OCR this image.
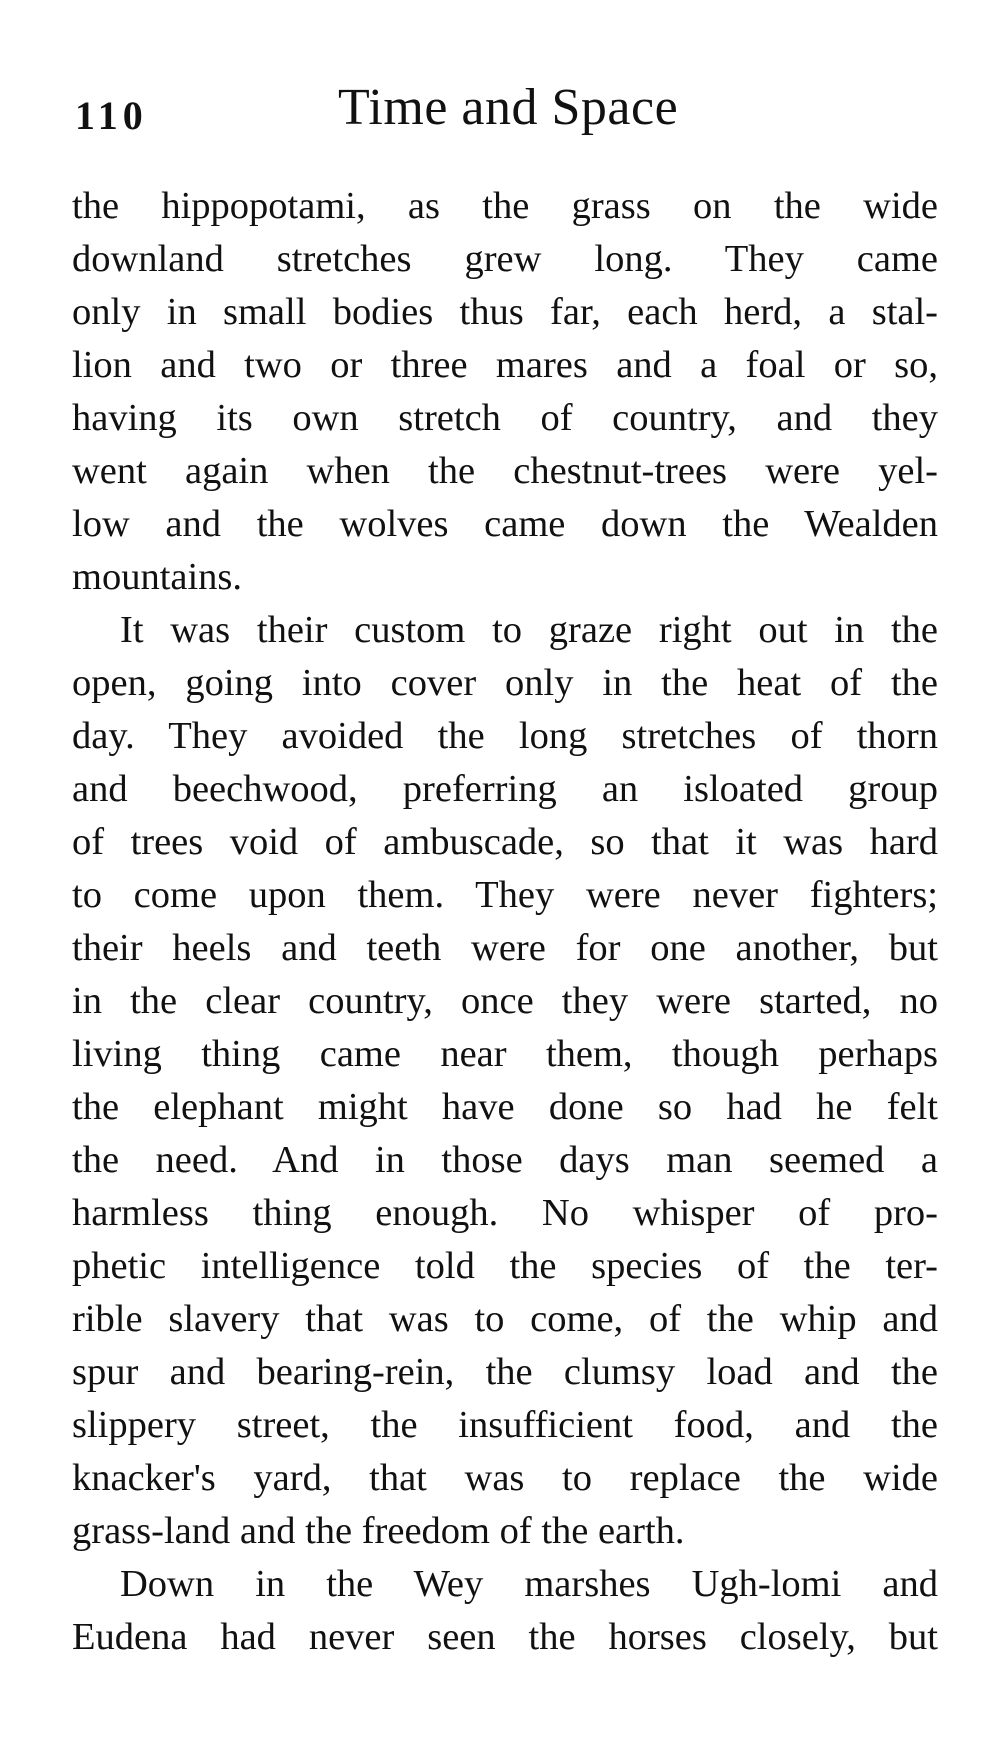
110	Time and Space
the hippopotami, as the grass on the wide
downland stretches grew long. They came
only in small bodies thus far, each herd, a stal-
lion and two or three mares and a foal or so,
having its own stretch of country, and they
went again when the chestnut-trees were yel-
low and the wolves came down the Wealden
mountains.
It was their custom to graze right out in the
open, going into cover only in the heat of the
day. They avoided the long stretches of thorn
and beechwood, preferring an isloated group
of trees void of ambuscade, so that it was hard
to come upon them. They were never fighters;
their heels and teeth were for one another, but
in the clear country, once they were started, no
living thing came near them, though perhaps
the elephant might have done so had he felt
the need. And in those days man seemed a
harmless thing enough. No whisper of pro-
phetic intelligence told the species of the ter-
rible slavery that was to come, of the whip and
spur and bearing-rein, the clumsy load and the
slippery street, the insufficient food, and the
knacker's yard, that was to replace the wide
grass-land and the freedom of the earth.
Down in the Wey marshes Ugh-lomi and
Eudena had never seen the horses closely, but
